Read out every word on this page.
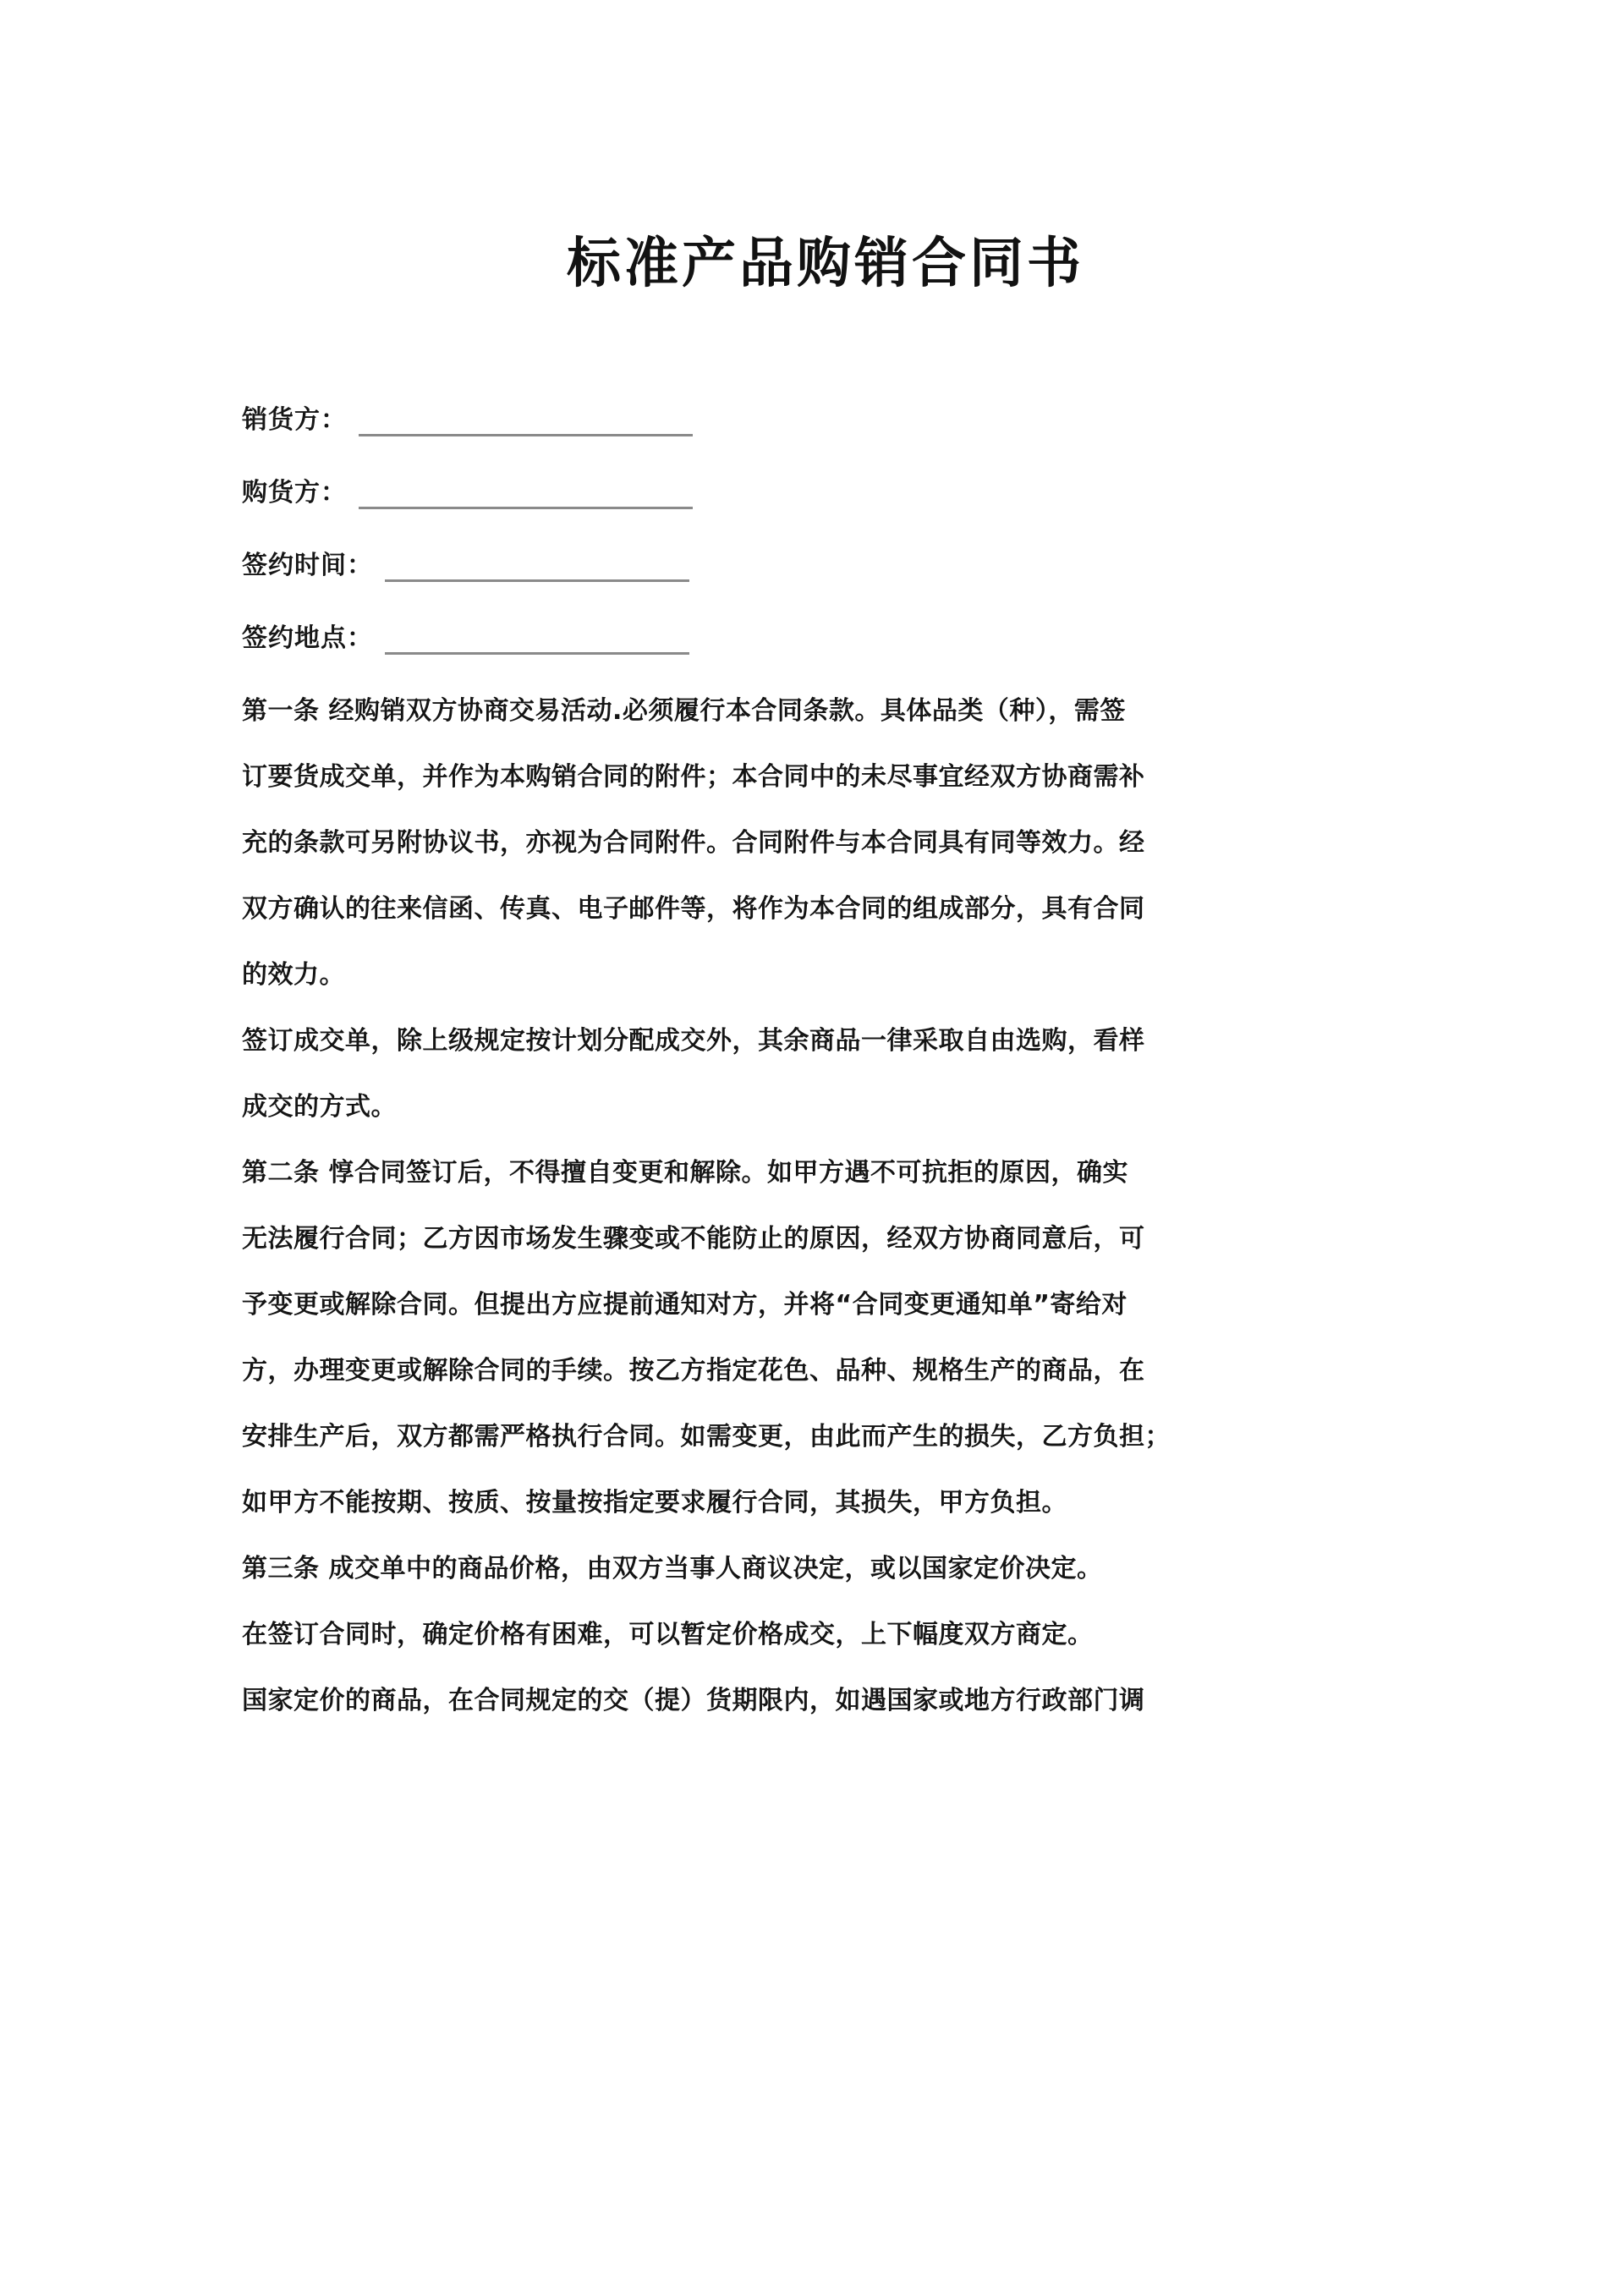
标准产品购销合同书
销货方：
购货方：
签约时间：
签约地点：
第一条 经购销双方协商交易活动.必须履行本合同条款。具体品类（种），需签
订要货成交单，并作为本购销合同的附件；本合同中的未尽事宜经双方协商需补
充的条款可另附协议书，亦视为合同附件。合同附件与本合同具有同等效力。经
双方确认的往来信函、传真、电子邮件等，将作为本合同的组成部分，具有合同
的效力。
签订成交单，除上级规定按计划分配成交外，其余商品一律采取自由选购，看样
成交的方式。
第二条 惇合同签订后，不得擅自变更和解除。如甲方遇不可抗拒的原因，确实
无法履行合同；乙方因市场发生骤变或不能防止的原因，经双方协商同意后，可
予变更或解除合同。但提出方应提前通知对方，并将“合同变更通知单”寄给对
方，办理变更或解除合同的手续。按乙方指定花色、品种、规格生产的商品，在
安排生产后，双方都需严格执行合同。如需变更，由此而产生的损失，乙方负担；
如甲方不能按期、按质、按量按指定要求履行合同，其损失，甲方负担。
第三条 成交单中的商品价格，由双方当事人商议决定，或以国家定价决定。
在签订合同时，确定价格有困难，可以暂定价格成交，上下幅度双方商定。
国家定价的商品，在合同规定的交（提）货期限内，如遇国家或地方行政部门调
